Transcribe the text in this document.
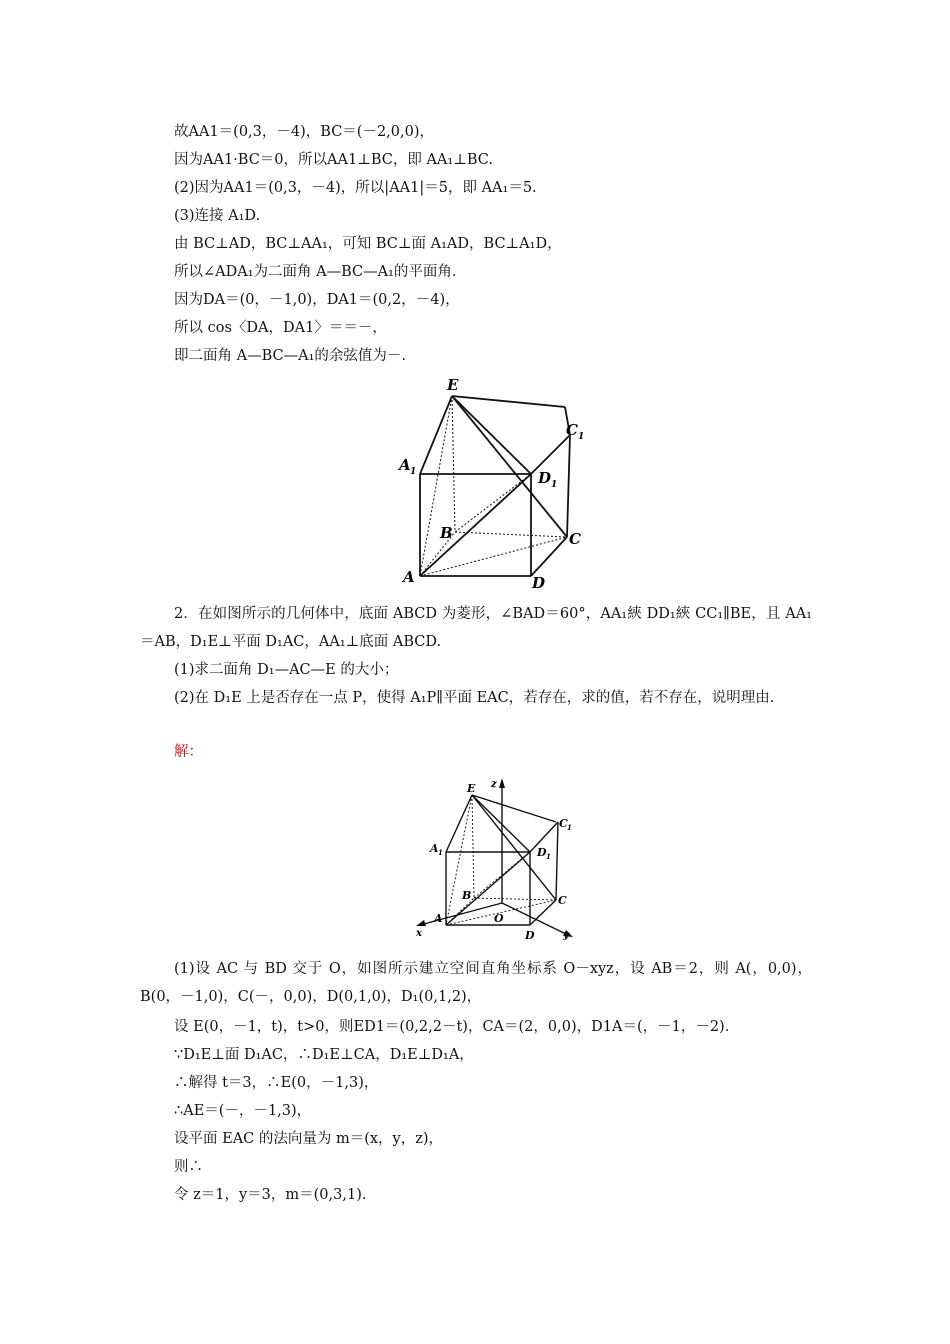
故AA1＝(0,3，－4)，BC＝(－2,0,0)，
因为AA1·BC＝0，所以AA1⊥BC，即 AA₁⊥BC.
(2)因为AA1＝(0,3，－4)，所以|AA1|＝5，即 AA₁＝5.
(3)连接 A₁D.
由 BC⊥AD，BC⊥AA₁，可知 BC⊥面 A₁AD，BC⊥A₁D，
所以∠ADA₁为二面角 A—BC—A₁的平面角.
因为DA＝(0，－1,0)，DA1＝(0,2，－4)，
所以 cos〈DA，DA1〉＝＝－，
即二面角 A—BC—A₁的余弦值为－.
E
A 1
C 1
D 1
B	C
A	D
2．在如图所示的几何体中，底面 ABCD 为菱形，∠BAD＝60°，AA₁綊 DD₁綊 CC₁∥BE，且 AA₁＝AB，D₁E⊥平面 D₁AC，AA₁⊥底面 ABCD.
(1)求二面角 D₁—AC—E 的大小；
(2)在 D₁E 上是否存在一点 P，使得 A₁P∥平面 EAC，若存在，求的值，若不存在，说明理由.
解：
z
E
C 1
A 1	D 1
B	C
A	O
x	D	y
(1)设 AC 与 BD 交于 O，如图所示建立空间直角坐标系 O－xyz，设 AB＝2，则 A(，0,0)，B(0，－1,0)，C(－，0,0)，D(0,1,0)，D₁(0,1,2)，
设 E(0，－1，t)，t>0，则ED1＝(0,2,2－t)，CA＝(2，0,0)，D1A＝(，－1，－2).
∵D₁E⊥面 D₁AC，∴D₁E⊥CA，D₁E⊥D₁A，
∴解得 t＝3，∴E(0，－1,3)，
∴AE＝(－，－1,3)，
设平面 EAC 的法向量为 m＝(x，y，z)，
则∴
令 z＝1，y＝3，m＝(0,3,1).
